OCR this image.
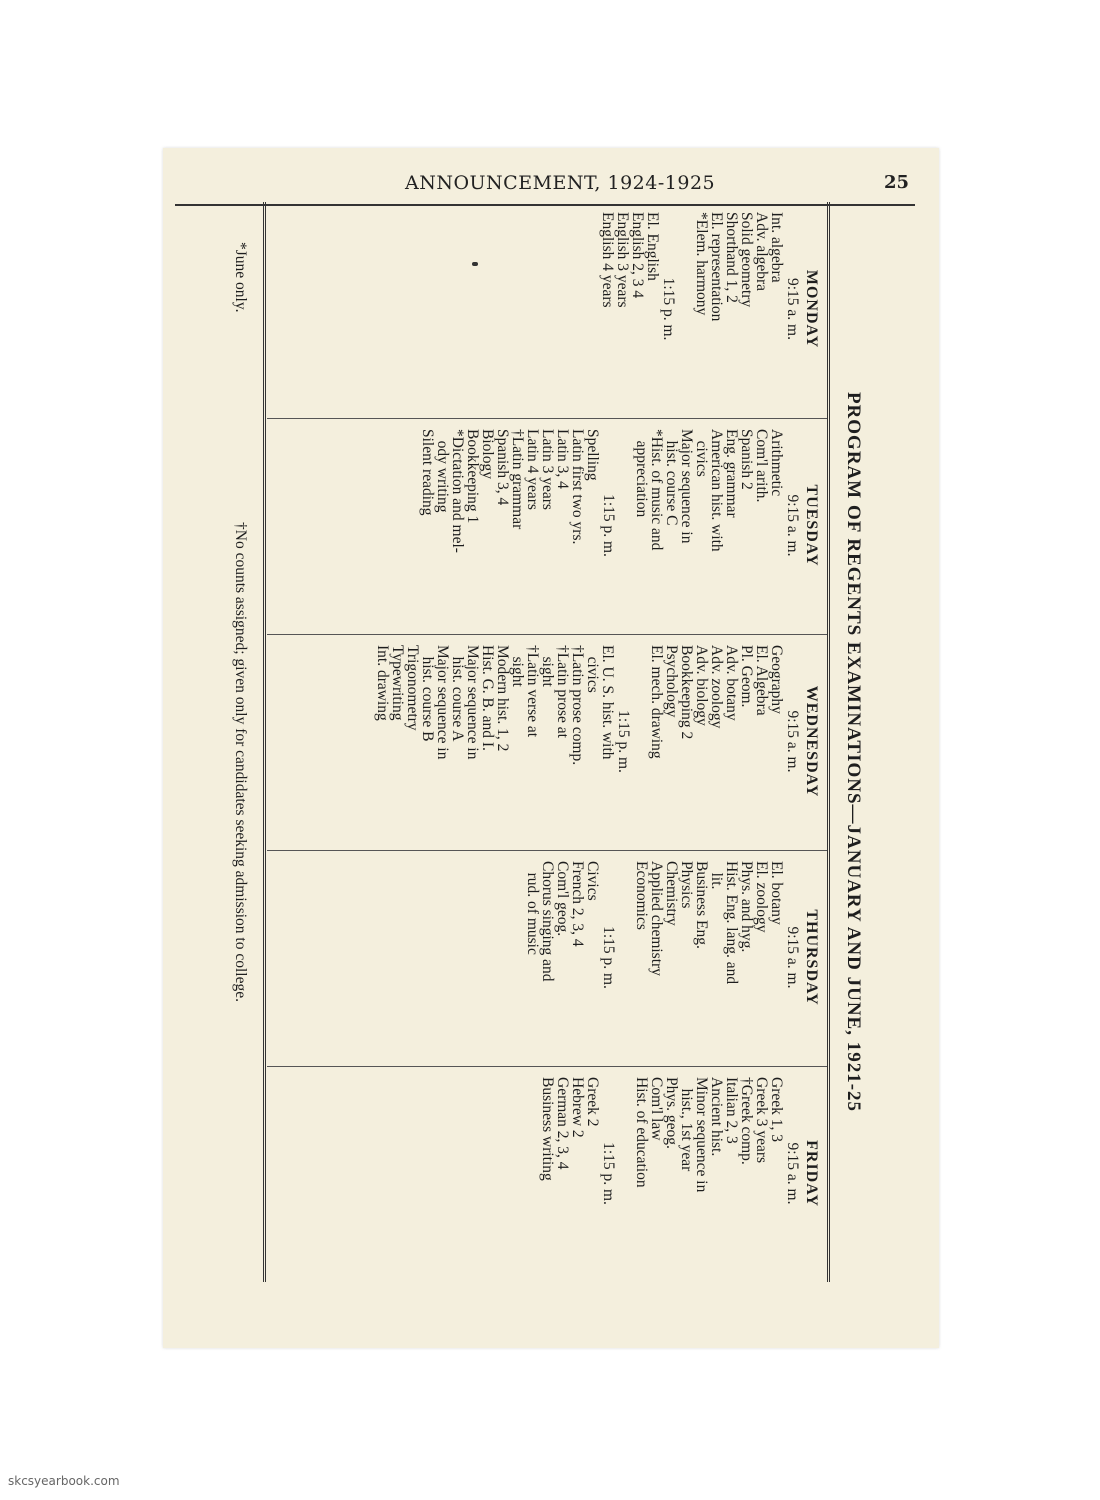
ANNOUNCEMENT, 1924-1925	25
PROGRAM OF REGENTS EXAMINATIONS—JANUARY AND JUNE, 1921-25
MONDAY
9:15 a. m.
Int. algebra
Adv. algebra
Solid geometry
Shorthand 1, 2
El. representation
*Elem. harmony
1:15 p. m.
El. English
English 2, 3 4
English 3 years
English 4 years
TUESDAY
9:15 a. m.
Arithmetic
Com'l arith.
Spanish 2
Eng. grammar
American hist. with
civics
Major sequence in
hist. course C
*Hist. of music and
appreciation
1:15 p. m.
Spelling
Latin first two yrs.
Latin 3, 4
Latin 3 years
Latin 4 years
†Latin grammar
Spanish 3, 4
Biology
Bookkeeping 1
*Dictation and mel-
ody writing
Silent reading
WEDNESDAY
9:15 a. m.
Geography
El. Algebra
Pl. Geom.
Adv. botany
Adv. zoology
Adv. biology
Bookkeeping 2
Psychology
El. mech. drawing
1:15 p. m.
El. U. S. hist. with
civics
†Latin prose comp.
†Latin prose at
sight
†Latin verse at
sight
Modern hist. 1, 2
Hist. G. B. and I.
Major sequence in
hist. course A
Major sequence in
hist. course B
Trigonometry
Typewriting
Int. drawing
THURSDAY
9:15 a. m.
El. botany
El. zoology
Phys. and hyg.
Hist. Eng. lang. and
lit.
Business Eng.
Physics
Chemistry
Applied chemistry
Economics
1:15 p. m.
Civics
French 2, 3, 4
Com'l geog.
Chorus singing and
rud. of music
FRIDAY
9:15 a. m.
Greek 1, 3
Greek 3 years
†Greek comp.
Italian 2, 3
Ancient hist.
Minor sequence in
hist., 1st year
Phys. geog.
Com'l law
Hist. of education
1:15 p. m.
Greek 2
Hebrew 2
German 2, 3, 4
Business writing
*June only.
†No counts assigned; given only for candidates seeking admission to college.
skcsyearbook.com
